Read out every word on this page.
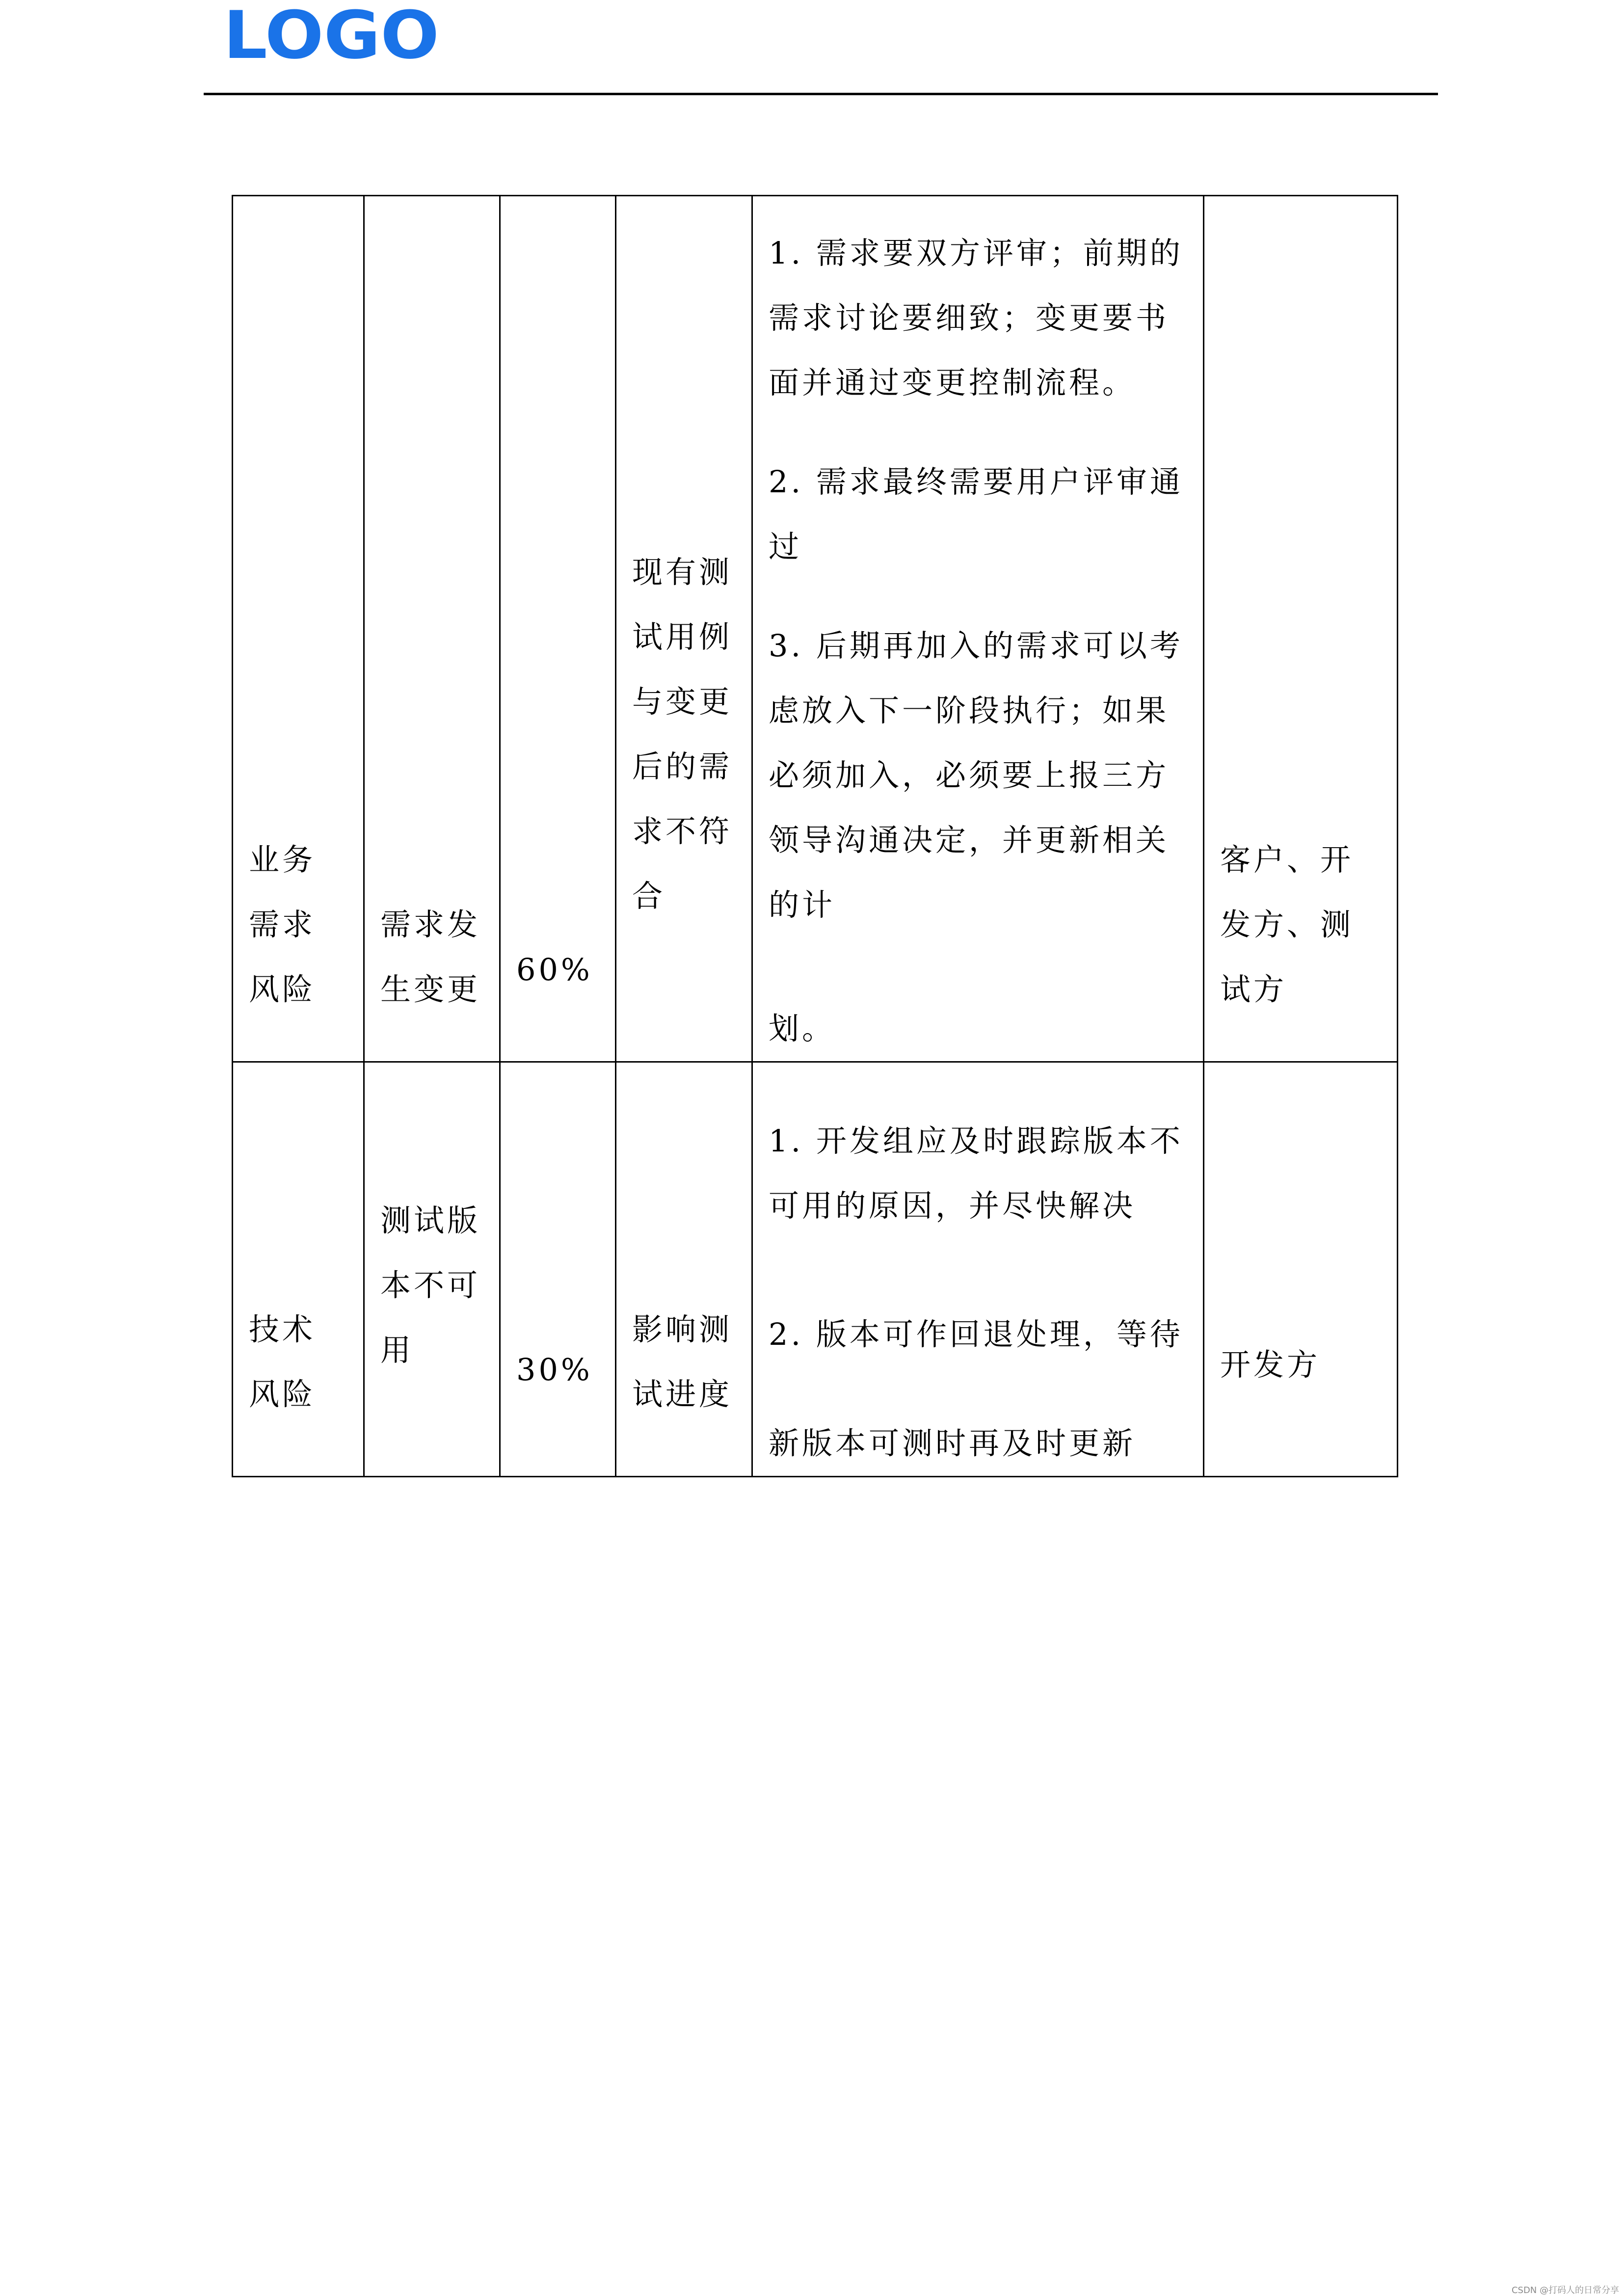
LOGO
业务需求风险	需求发生变更	60%	现有测试用例与变更后的需求不符合	1. 需求要双方评审；前期的需求讨论要细致；变更要书面并通过变更控制流程。

2. 需求最终需要用户评审通过

3. 后期再加入的需求可以考虑放入下一阶段执行；如果必须加入，必须要上报三方领导沟通决定，并更新相关的计

划。	客户、开发方、测试方

技术风险	测试版本不可用	30%	影响测试进度	1. 开发组应及时跟踪版本不可用的原因，并尽快解决

2. 版本可作回退处理，等待

新版本可测时再及时更新	开发方
CSDN @打码人的日常分享
